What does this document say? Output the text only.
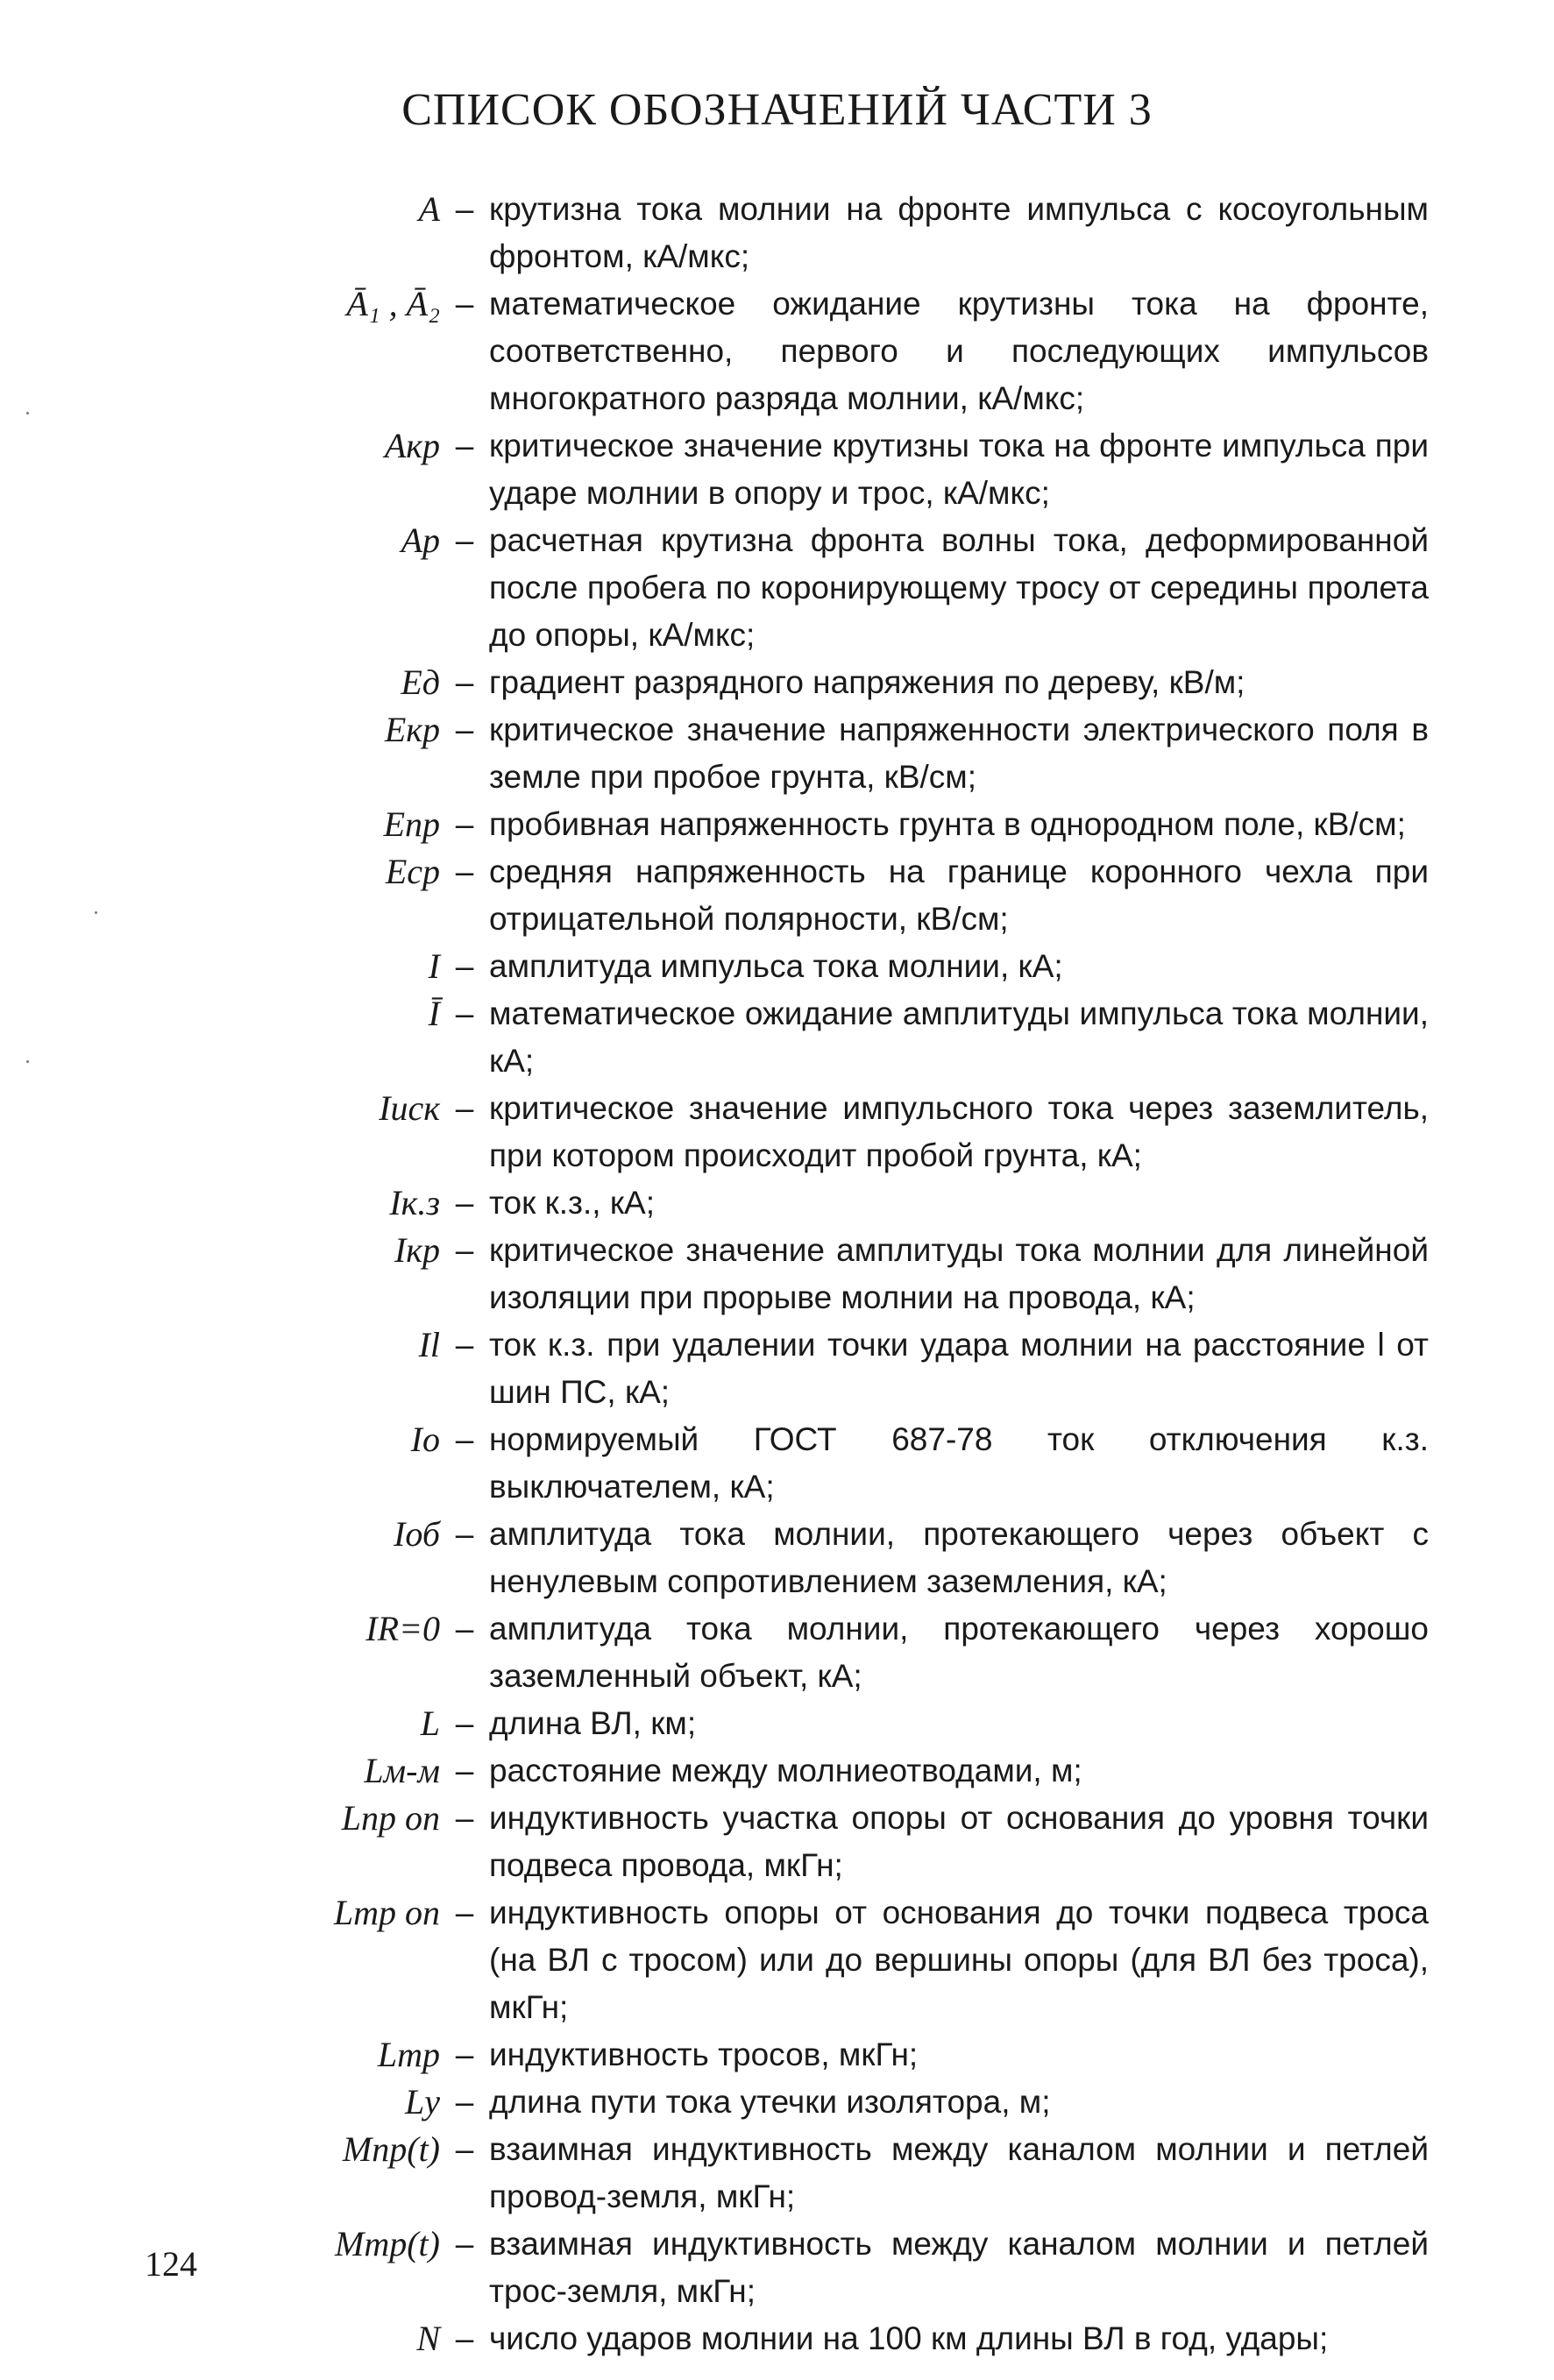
СПИСОК ОБОЗНАЧЕНИЙ ЧАСТИ 3
A – крутизна тока молнии на фронте импульса с косоугольным фронтом, кА/мкс;
Ā₁ , Ā₂ – математическое ожидание крутизны тока на фронте, соответственно, первого и последующих импульсов многократного разряда молнии, кА/мкс;
Aкр – критическое значение крутизны тока на фронте импульса при ударе молнии в опору и трос, кА/мкс;
Aр – расчетная крутизна фронта волны тока, деформированной после пробега по коронирующему тросу от середины пролета до опоры, кА/мкс;
Eд – градиент разрядного напряжения по дереву, кВ/м;
Eкр – критическое значение напряженности электрического поля в земле при пробое грунта, кВ/см;
Eпр – пробивная напряженность грунта в однородном поле, кВ/см;
Eср – средняя напряженность на границе коронного чехла при отрицательной полярности, кВ/см;
I – амплитуда импульса тока молнии, кА;
Ī – математическое ожидание амплитуды импульса тока молнии, кА;
Iиск – критическое значение импульсного тока через заземлитель, при котором происходит пробой грунта, кА;
Iк.з – ток к.з., кА;
Iкр – критическое значение амплитуды тока молнии для линейной изоляции при прорыве молнии на провода, кА;
Il – ток к.з. при удалении точки удара молнии на расстояние l от шин ПС, кА;
Iо – нормируемый ГОСТ 687-78 ток отключения к.з. выключателем, кА;
Iоб – амплитуда тока молнии, протекающего через объект с ненулевым сопротивлением заземления, кА;
IR=0 – амплитуда тока молнии, протекающего через хорошо заземленный объект, кА;
L – длина ВЛ, км;
Lм-м – расстояние между молниеотводами, м;
Lпр оп – индуктивность участка опоры от основания до уровня точки подвеса провода, мкГн;
Lтр оп – индуктивность опоры от основания до точки подвеса троса (на ВЛ с тросом) или до вершины опоры (для ВЛ без троса), мкГн;
Lтр – индуктивность тросов, мкГн;
Lу – длина пути тока утечки изолятора, м;
Mпр(t) – взаимная индуктивность между каналом молнии и петлей провод-земля, мкГн;
Mтр(t) – взаимная индуктивность между каналом молнии и петлей трос-земля, мкГн;
N – число ударов молнии на 100 км длины ВЛ в год, удары;
124
